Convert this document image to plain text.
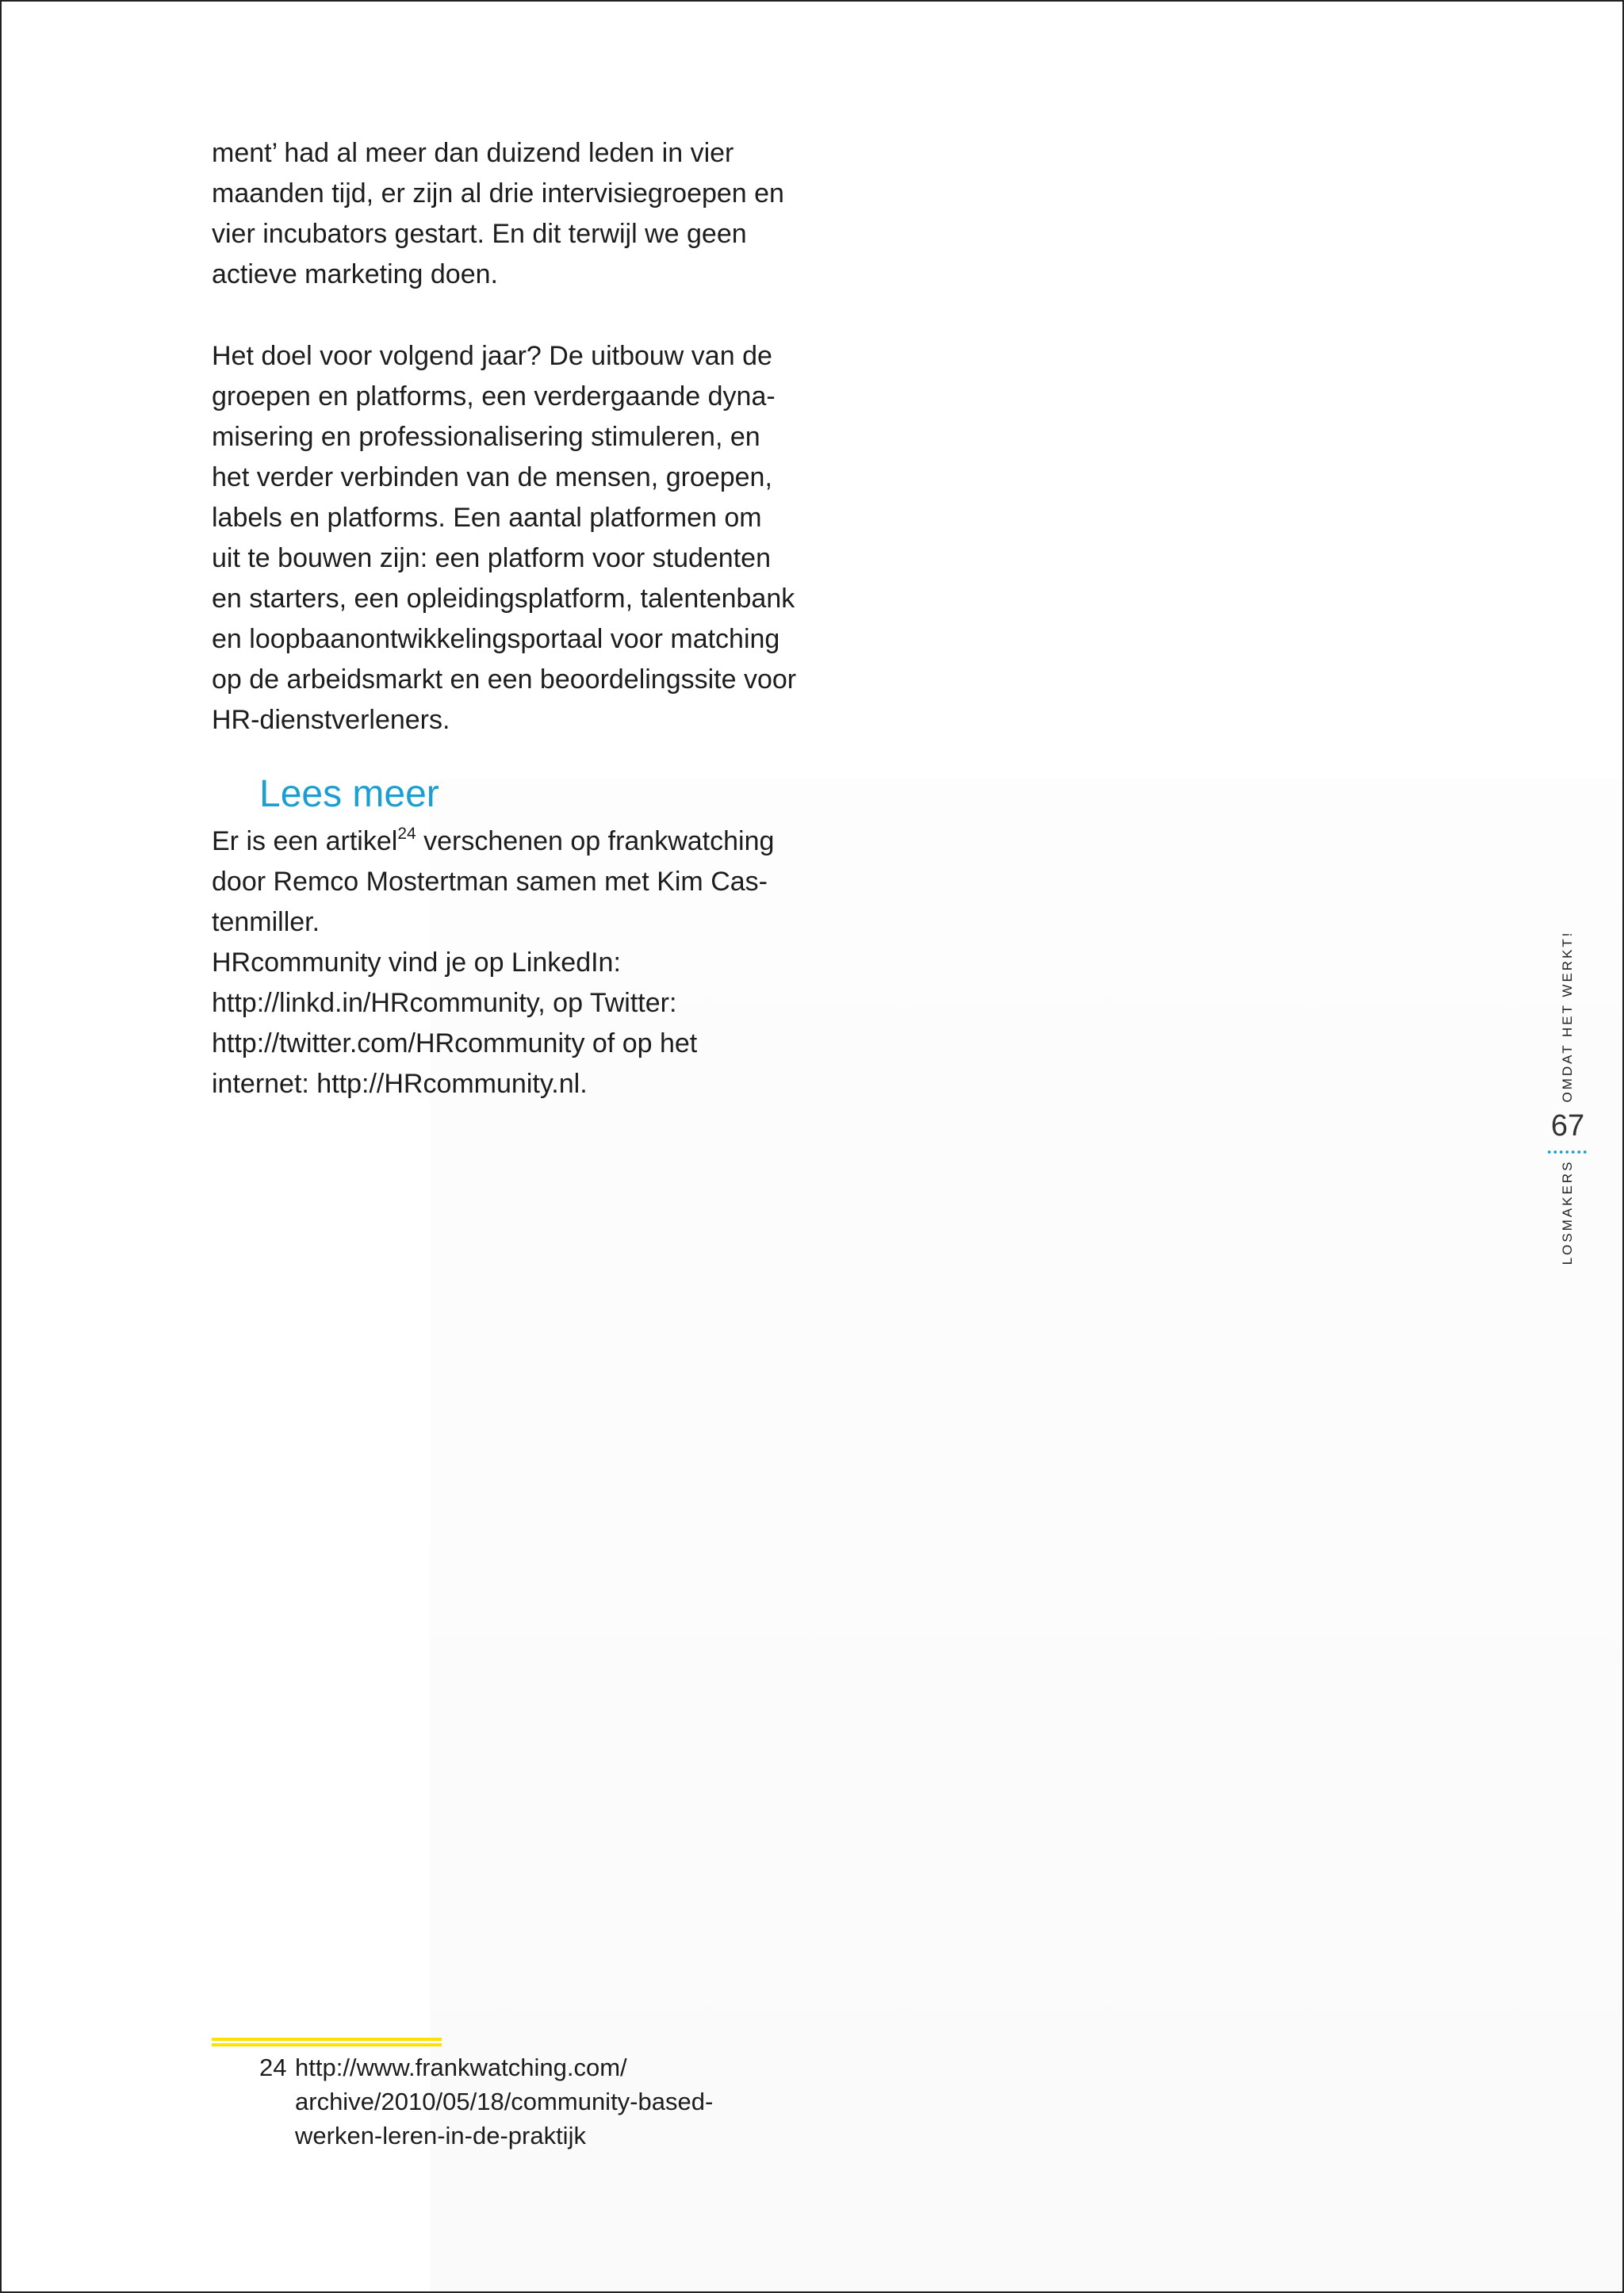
ment’ had al meer dan duizend leden in vier
maanden tijd, er zijn al drie intervisiegroepen en
vier incubators gestart. En dit terwijl we geen
actieve marketing doen.

Het doel voor volgend jaar? De uitbouw van de
groepen en platforms, een verdergaande dyna-
misering en professionalisering stimuleren, en
het verder verbinden van de mensen, groepen,
labels en platforms. Een aantal platformen om
uit te bouwen zijn: een platform voor studenten
en starters, een opleidingsplatform, talentenbank
en loopbaanontwikkelingsportaal voor matching
op de arbeidsmarkt en een beoordelingssite voor
HR-dienstverleners.

Lees meer

Er is een artikel$^{24}$ verschenen op frankwatching
door Remco Mostertman samen met Kim Cas-
tenmiller.
HRcommunity vind je op LinkedIn:
http://linkd.in/HRcommunity, op Twitter:
http://twitter.com/HRcommunity of op het
internet: http://HRcommunity.nl.	OMDAT HET WERKT!
67
LOSMAKERS
24 http://www.frankwatching.com/
archive/2010/05/18/community-based-
werken-leren-in-de-praktijk
